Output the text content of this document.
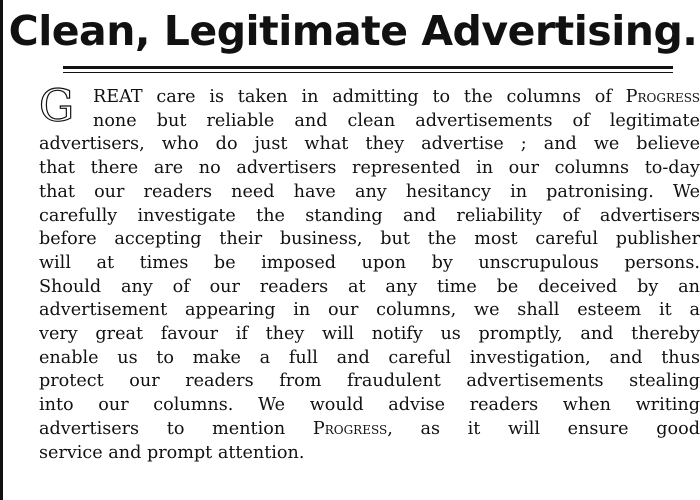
Clean, Legitimate Advertising.
G	REAT care is taken in admitting to the columns of Progress
none but reliable and clean advertisements of legitimate
advertisers, who do just what they advertise ; and we believe
that there are no advertisers represented in our columns to-day
that our readers need have any hesitancy in patronising. We
carefully investigate the standing and reliability of advertisers
before accepting their business, but the most careful publisher
will at times be imposed upon by unscrupulous persons.
Should any of our readers at any time be deceived by an
advertisement appearing in our columns, we shall esteem it a
very great favour if they will notify us promptly, and thereby
enable us to make a full and careful investigation, and thus
protect our readers from fraudulent advertisements stealing
into our columns. We would advise readers when writing
advertisers to mention Progress, as it will ensure good
service and prompt attention.
